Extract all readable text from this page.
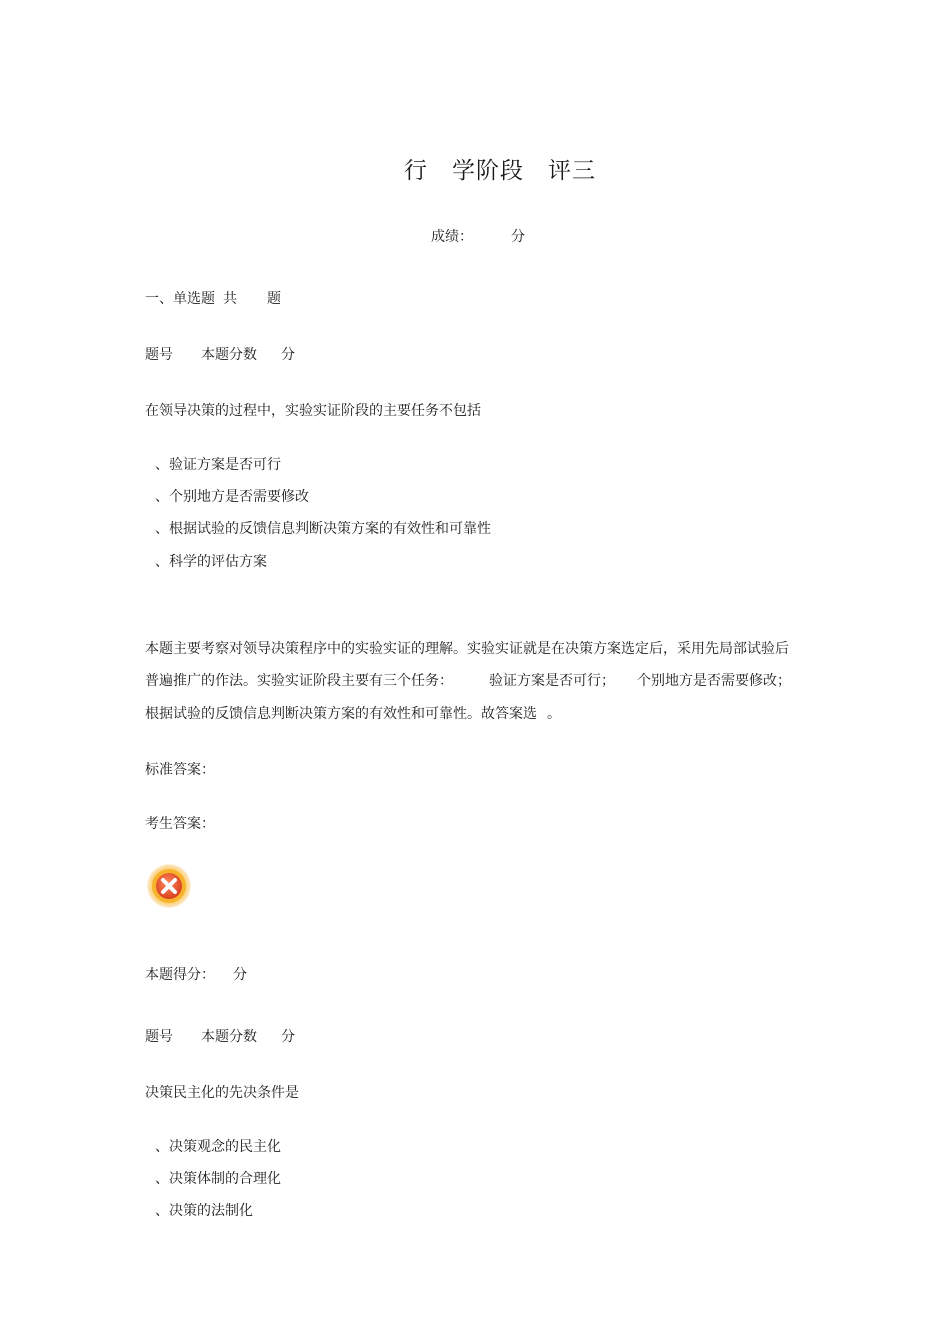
行 学阶段 评三
成绩：	分
一、单选题 共 题
题号 本题分数 分
在领导决策的过程中，实验实证阶段的主要任务不包括
、验证方案是否可行
、个别地方是否需要修改
、根据试验的反馈信息判断决策方案的有效性和可靠性
、科学的评估方案
本题主要考察对领导决策程序中的实验实证的理解。实验实证就是在决策方案选定后，采用先局部试验后
普遍推广的作法。实验实证阶段主要有三个任务：	验证方案是否可行； 个别地方是否需要修改；
根据试验的反馈信息判断决策方案的有效性和可靠性。故答案选 。
标准答案：
考生答案：
本题得分： 分
题号 本题分数 分
决策民主化的先决条件是
、决策观念的民主化
、决策体制的合理化
、决策的法制化
